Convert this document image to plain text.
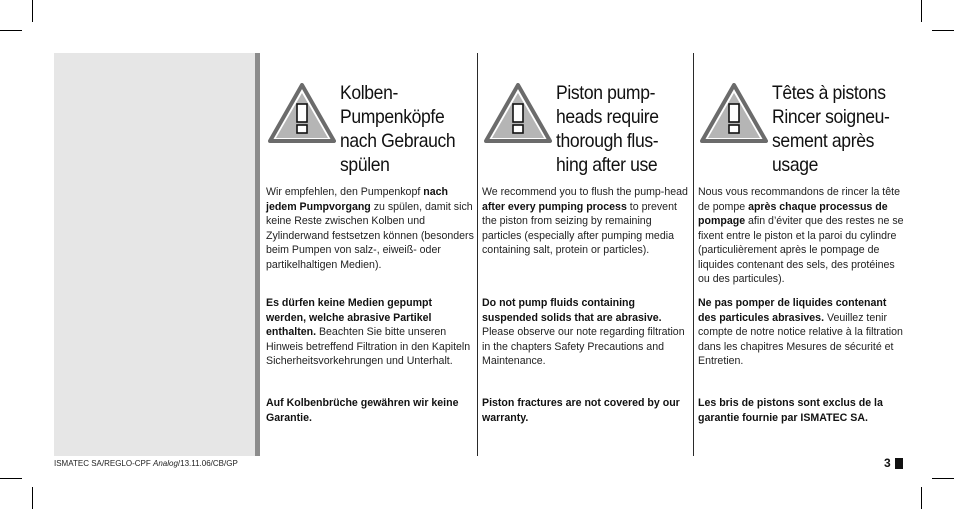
Kolben-
Pumpenköpfe
nach Gebrauch
spülen

Wir empfehlen, den Pumpenkopf nach jedem Pumpvorgang zu spülen, damit sich keine Reste zwischen Kolben und Zylinderwand festsetzen können (besonders beim Pumpen von salz-, eiweiß- oder partikelhaltigen Medien).

Es dürfen keine Medien gepumpt werden, welche abrasive Partikel enthalten. Beachten Sie bitte unseren Hinweis betreffend Filtration in den Kapiteln Sicherheitsvorkehrungen und Unterhalt.

Auf Kolbenbrüche gewähren wir keine Garantie.

Piston pump-
heads require
thorough flus-
hing after use

We recommend you to flush the pump-head after every pumping process to prevent the piston from seizing by remaining particles (especially after pumping media containing salt, protein or particles).

Do not pump fluids containing suspended solids that are abrasive. Please observe our note regarding filtration in the chapters Safety Precautions and Maintenance.

Piston fractures are not covered by our warranty.

Têtes à pistons
Rincer soigneu-
sement après
usage

Nous vous recommandons de rincer la tête de pompe après chaque processus de pompage afin d’éviter que des restes ne se fixent entre le piston et la paroi du cylindre (particulièrement après le pompage de liquides contenant des sels, des protéines ou des particules).

Ne pas pomper de liquides contenant des particules abrasives. Veuillez tenir compte de notre notice relative à la filtration dans les chapitres Mesures de sécurité et Entretien.

Les bris de pistons sont exclus de la garantie fournie par ISMATEC SA.

ISMATEC SA/REGLO-CPF Analog/13.11.06/CB/GP	3
